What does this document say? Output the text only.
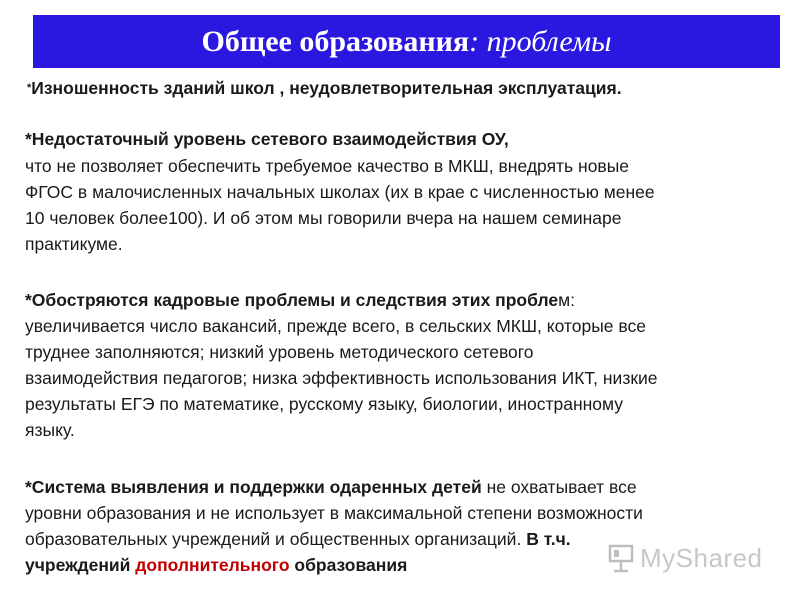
Общее образования: проблемы
*Изношенность зданий школ , неудовлетворительная эксплуатация.
*Недостаточный уровень сетевого взаимодействия ОУ,
что не позволяет обеспечить требуемое качество в МКШ, внедрять новые
ФГОС в малочисленных начальных школах (их в крае с численностью менее
10 человек более100). И об этом мы говорили вчера на нашем семинаре
практикуме.
*Обостряются кадровые проблемы и следствия этих проблем:
увеличивается число вакансий, прежде всего, в сельских МКШ, которые все
труднее заполняются; низкий уровень методического сетевого
взаимодействия педагогов; низка эффективность использования ИКТ, низкие
результаты ЕГЭ по математике, русскому языку, биологии, иностранному
языку.
*Система выявления и поддержки одаренных детей не охватывает все
уровни образования и не использует в максимальной степени возможности
образовательных учреждений и общественных организаций. В т.ч.
учреждений дополнительного образования	MyShared
